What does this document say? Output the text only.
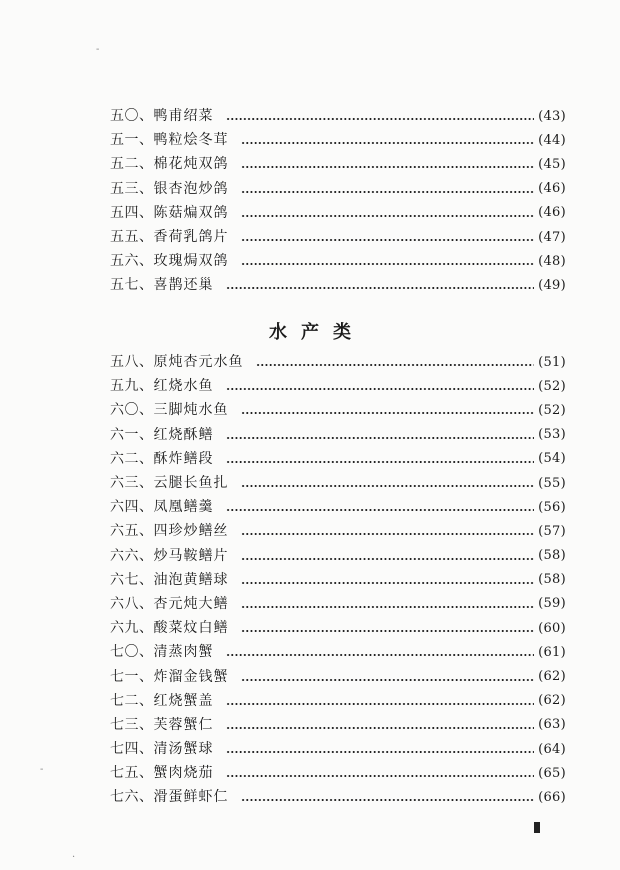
五〇、 鸭甫绍菜	(43)
五一、 鸭粒烩冬茸	(44)
五二、 棉花炖双鸽	(45)
五三、 银杏泡炒鸽	(46)
五四、 陈菇煸双鸽	(46)
五五、 香荷乳鸽片	(47)
五六、 玫瑰焗双鸽	(48)
五七、 喜鹊还巢	(49)
水产类
五八、 原炖杏元水鱼	(51)
五九、 红烧水鱼	(52)
六〇、 三脚炖水鱼	(52)
六一、 红烧酥鳝	(53)
六二、 酥炸鳝段	(54)
六三、 云腿长鱼扎	(55)
六四、 凤凰鳝羹	(56)
六五、 四珍炒鳝丝	(57)
六六、 炒马鞍鳝片	(58)
六七、 油泡黄鳝球	(58)
六八、 杏元炖大鳝	(59)
六九、 酸菜炆白鳝	(60)
七〇、 清蒸肉蟹	(61)
七一、 炸溜金钱蟹	(62)
七二、 红烧蟹盖	(62)
七三、 芙蓉蟹仁	(63)
七四、 清汤蟹球	(64)
七五、 蟹肉烧茄	(65)
七六、 滑蛋鲜虾仁	(66)
-
-
·
